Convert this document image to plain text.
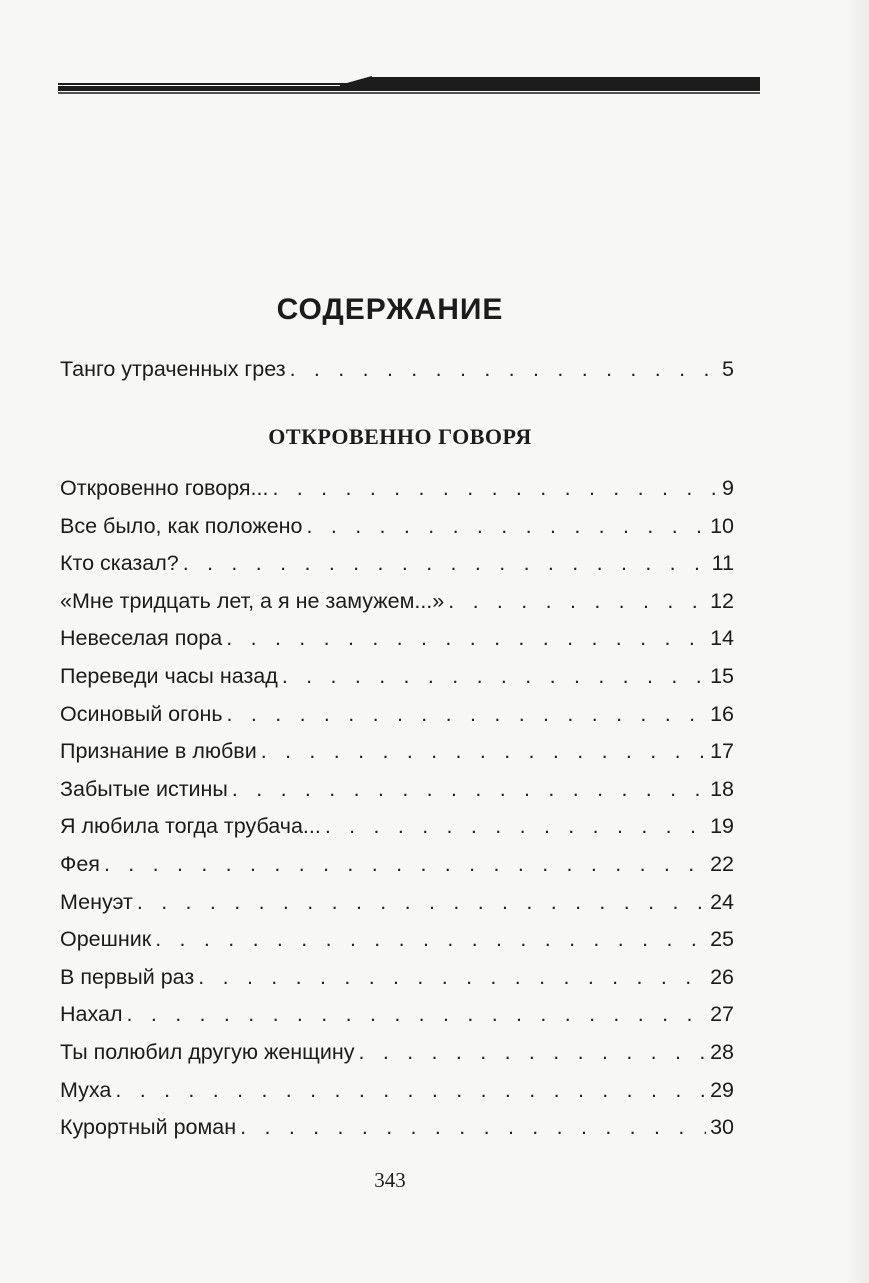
СОДЕРЖАНИЕ
Танго утраченных грез . . .	5
ОТКРОВЕННО ГОВОРЯ
Откровенно говоря... . . .	9
Все было, как положено . . .	10
Кто сказал? . . .	11
«Мне тридцать лет, а я не замужем...» . . .	12
Невеселая пора . . .	14
Переведи часы назад . . .	15
Осиновый огонь . . .	16
Признание в любви . . .	17
Забытые истины . . .	18
Я любила тогда трубача... . . .	19
Фея . . .	22
Менуэт . . .	24
Орешник . . .	25
В первый раз . . .	26
Нахал . . .	27
Ты полюбил другую женщину . . .	28
Муха . . .	29
Курортный роман . . .	30
343
